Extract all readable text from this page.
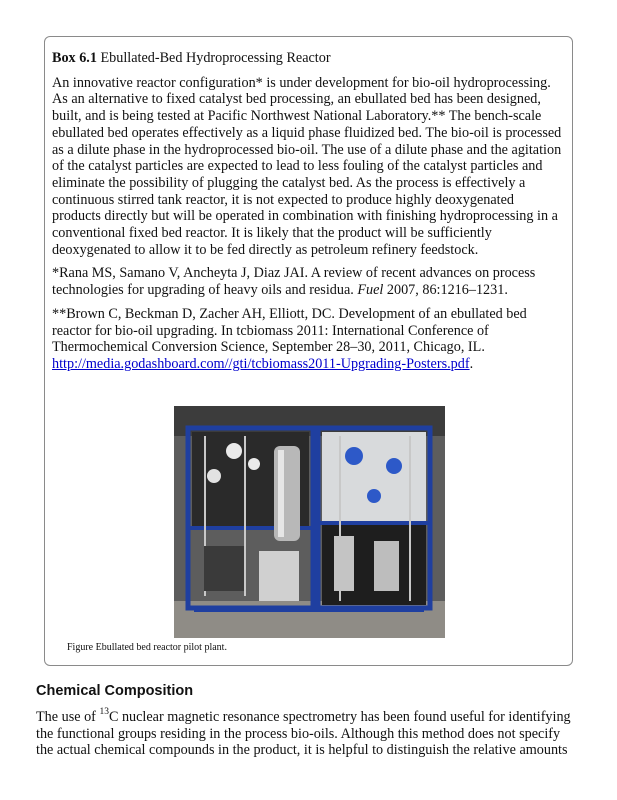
Box 6.1 Ebullated-Bed Hydroprocessing Reactor
An innovative reactor configuration* is under development for bio-oil hydroprocessing. As an alternative to fixed catalyst bed processing, an ebullated bed has been designed, built, and is being tested at Pacific Northwest National Laboratory.** The bench-scale ebullated bed operates effectively as a liquid phase fluidized bed. The bio-oil is processed as a dilute phase in the hydroprocessed bio-oil. The use of a dilute phase and the agitation of the catalyst particles are expected to lead to less fouling of the catalyst particles and eliminate the possibility of plugging the catalyst bed. As the process is effectively a continuous stirred tank reactor, it is not expected to produce highly deoxygenated products directly but will be operated in combination with finishing hydroprocessing in a conventional fixed bed reactor. It is likely that the product will be sufficiently deoxygenated to allow it to be fed directly as petroleum refinery feedstock.
*Rana MS, Samano V, Ancheyta J, Diaz JAI. A review of recent advances on process technologies for upgrading of heavy oils and residua. Fuel 2007, 86:1216–1231.
**Brown C, Beckman D, Zacher AH, Elliott, DC. Development of an ebullated bed reactor for bio-oil upgrading. In tcbiomass 2011: International Conference of Thermochemical Conversion Science, September 28–30, 2011, Chicago, IL. http://media.godashboard.com//gti/tcbiomass2011-Upgrading-Posters.pdf.
Figure Ebullated bed reactor pilot plant.
Chemical Composition
The use of $^{13}$C nuclear magnetic resonance spectrometry has been found useful for identifying the functional groups residing in the process bio-oils. Although this method does not specify the actual chemical compounds in the product, it is helpful to distinguish the relative amounts
